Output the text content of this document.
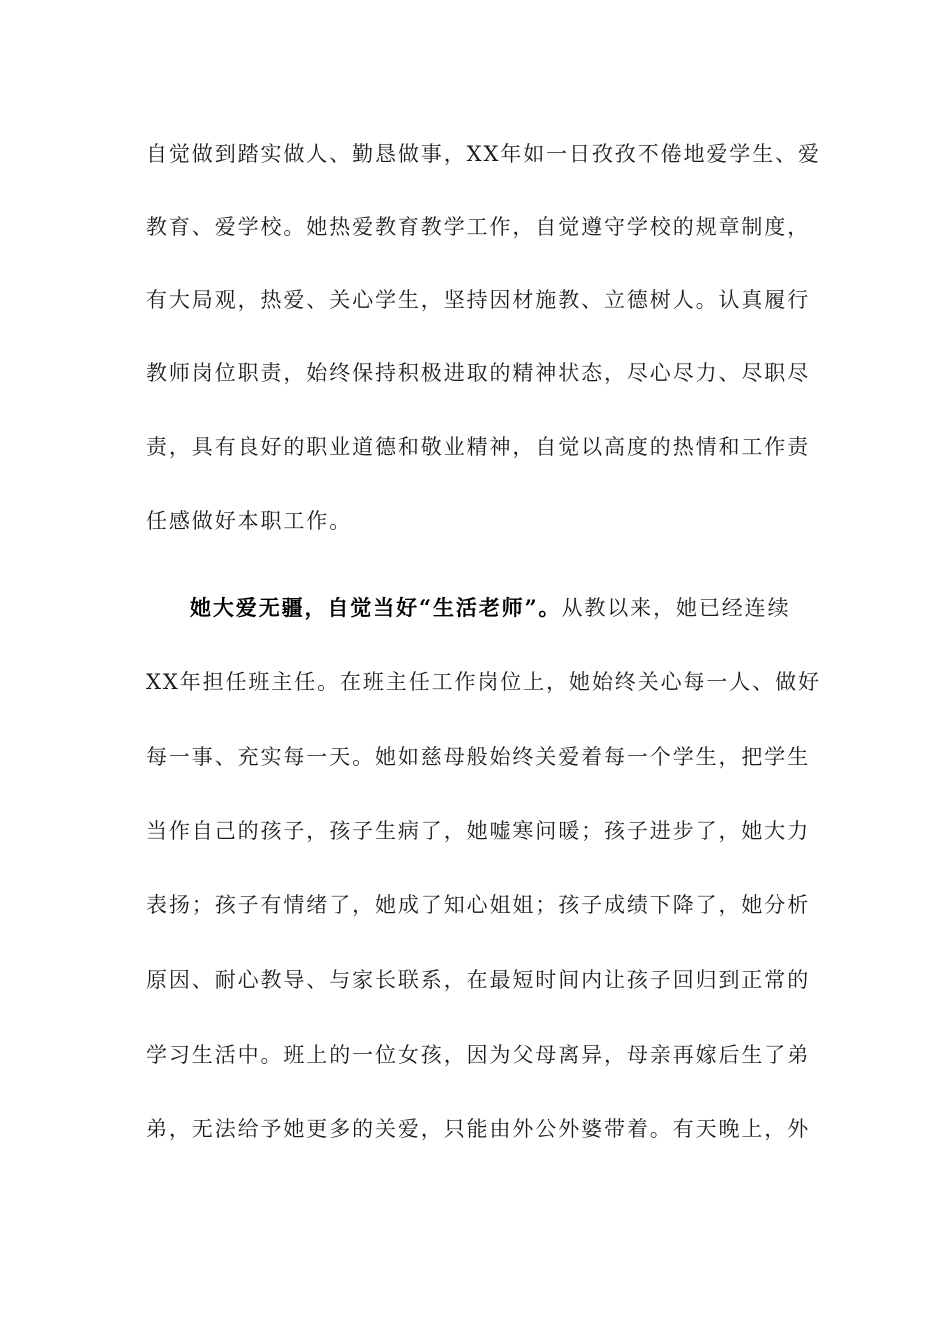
自觉做到踏实做人、勤恳做事，XX年如一日孜孜不倦地爱学生、爱

教育、爱学校。她热爱教育教学工作，自觉遵守学校的规章制度，

有大局观，热爱、关心学生，坚持因材施教、立德树人。认真履行

教师岗位职责，始终保持积极进取的精神状态，尽心尽力、尽职尽

责，具有良好的职业道德和敬业精神，自觉以高度的热情和工作责

任感做好本职工作。

她大爱无疆，自觉当好“生活老师”。从教以来，她已经连续

XX年担任班主任。在班主任工作岗位上，她始终关心每一人、做好

每一事、充实每一天。她如慈母般始终关爱着每一个学生，把学生

当作自己的孩子，孩子生病了，她嘘寒问暖；孩子进步了，她大力

表扬；孩子有情绪了，她成了知心姐姐；孩子成绩下降了，她分析

原因、耐心教导、与家长联系，在最短时间内让孩子回归到正常的

学习生活中。班上的一位女孩，因为父母离异，母亲再嫁后生了弟

弟，无法给予她更多的关爱，只能由外公外婆带着。有天晚上，外
